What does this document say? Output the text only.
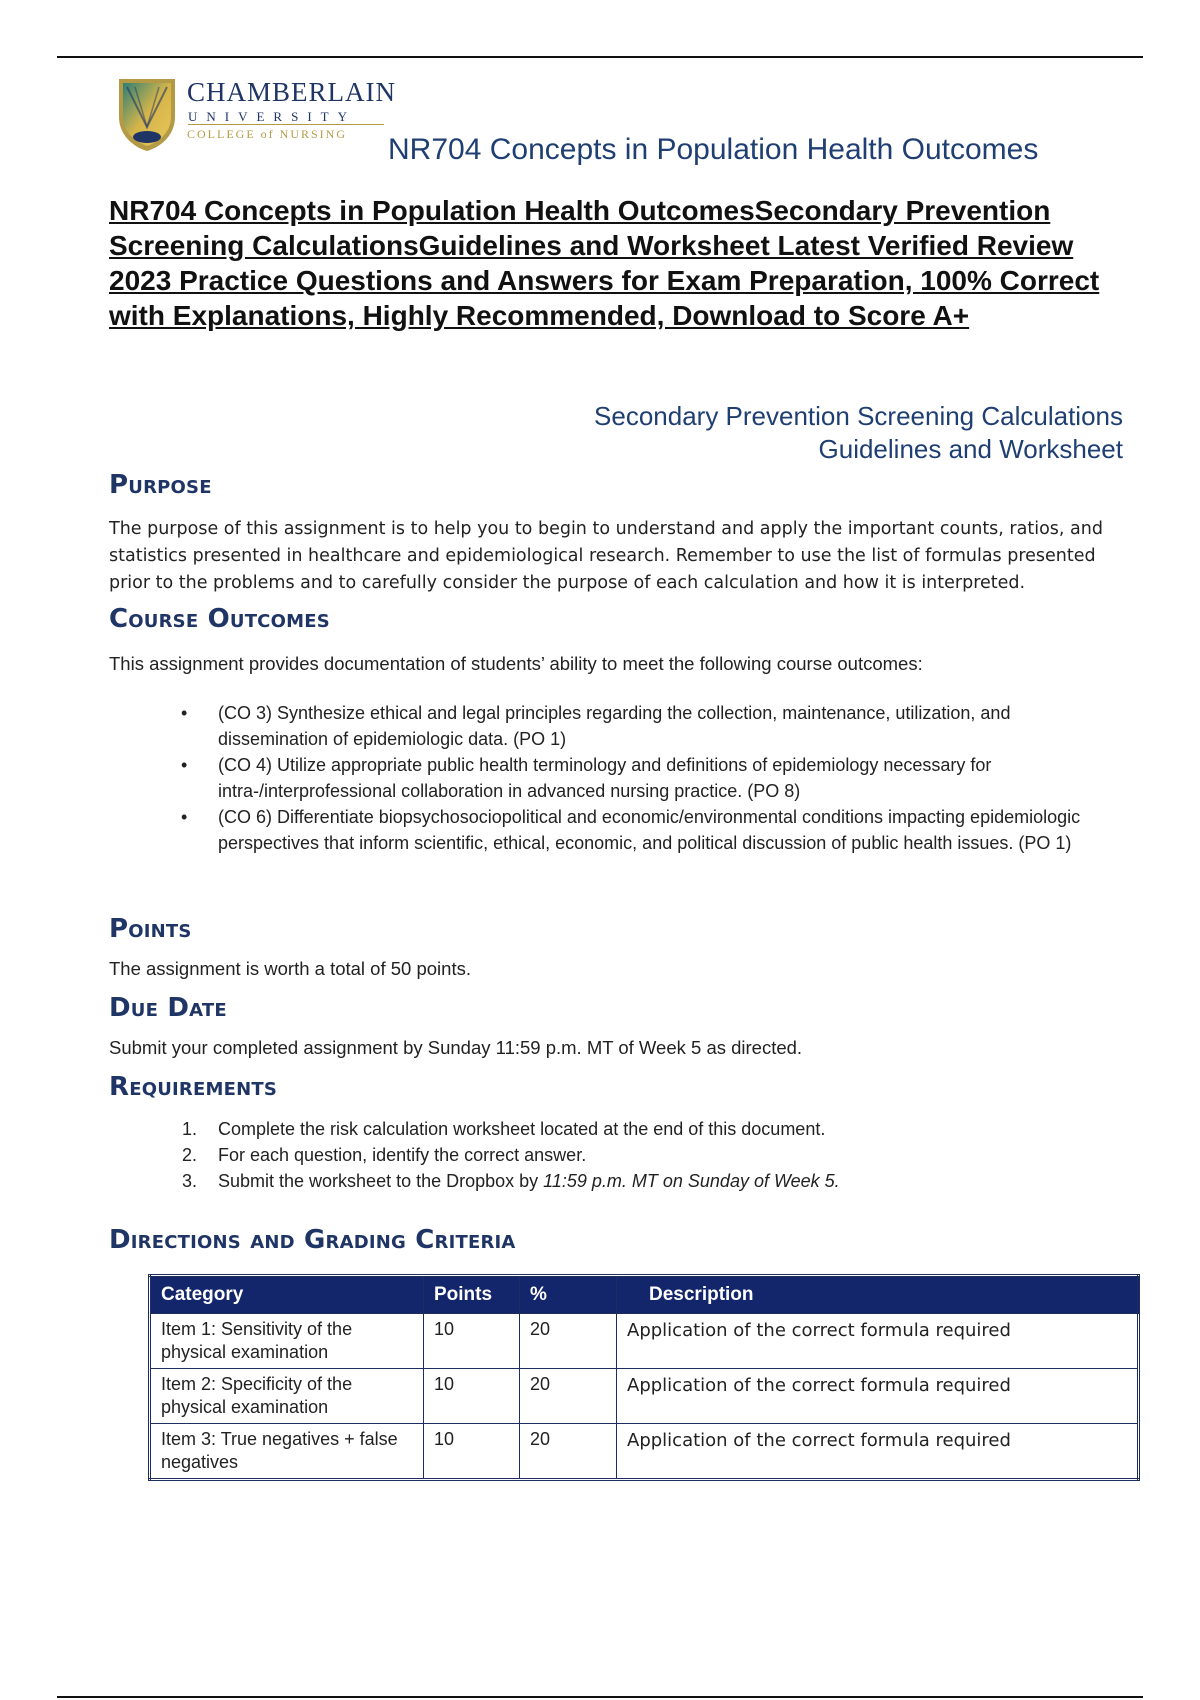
CHAMBERLAIN
UNIVERSITY
COLLEGE of NURSING NR704 Concepts in Population Health Outcomes
NR704 Concepts in Population Health OutcomesSecondary Prevention Screening CalculationsGuidelines and Worksheet Latest Verified Review 2023 Practice Questions and Answers for Exam Preparation, 100% Correct with Explanations, Highly Recommended, Download to Score A+
Secondary Prevention Screening Calculations
Guidelines and Worksheet
Purpose

The purpose of this assignment is to help you to begin to understand and apply the important counts, ratios, and statistics presented in healthcare and epidemiological research. Remember to use the list of formulas presented prior to the problems and to carefully consider the purpose of each calculation and how it is interpreted.

Course Outcomes

This assignment provides documentation of students’ ability to meet the following course outcomes:

• (CO 3) Synthesize ethical and legal principles regarding the collection, maintenance, utilization, and dissemination of epidemiologic data. (PO 1)
• (CO 4) Utilize appropriate public health terminology and definitions of epidemiology necessary for intra-/interprofessional collaboration in advanced nursing practice. (PO 8)
• (CO 6) Differentiate biopsychosociopolitical and economic/environmental conditions impacting epidemiologic perspectives that inform scientific, ethical, economic, and political discussion of public health issues. (PO 1)
Points

The assignment is worth a total of 50 points.

Due Date

Submit your completed assignment by Sunday 11:59 p.m. MT of Week 5 as directed.

Requirements
1. Complete the risk calculation worksheet located at the end of this document.
2. For each question, identify the correct answer.
3. Submit the worksheet to the Dropbox by 11:59 p.m. MT on Sunday of Week 5.
Directions and Grading Criteria
Category	Points	%	Description
Item 1: Sensitivity of the physical examination	10	20	Application of the correct formula required
Item 2: Specificity of the physical examination	10	20	Application of the correct formula required
Item 3: True negatives + false negatives	10	20	Application of the correct formula required
